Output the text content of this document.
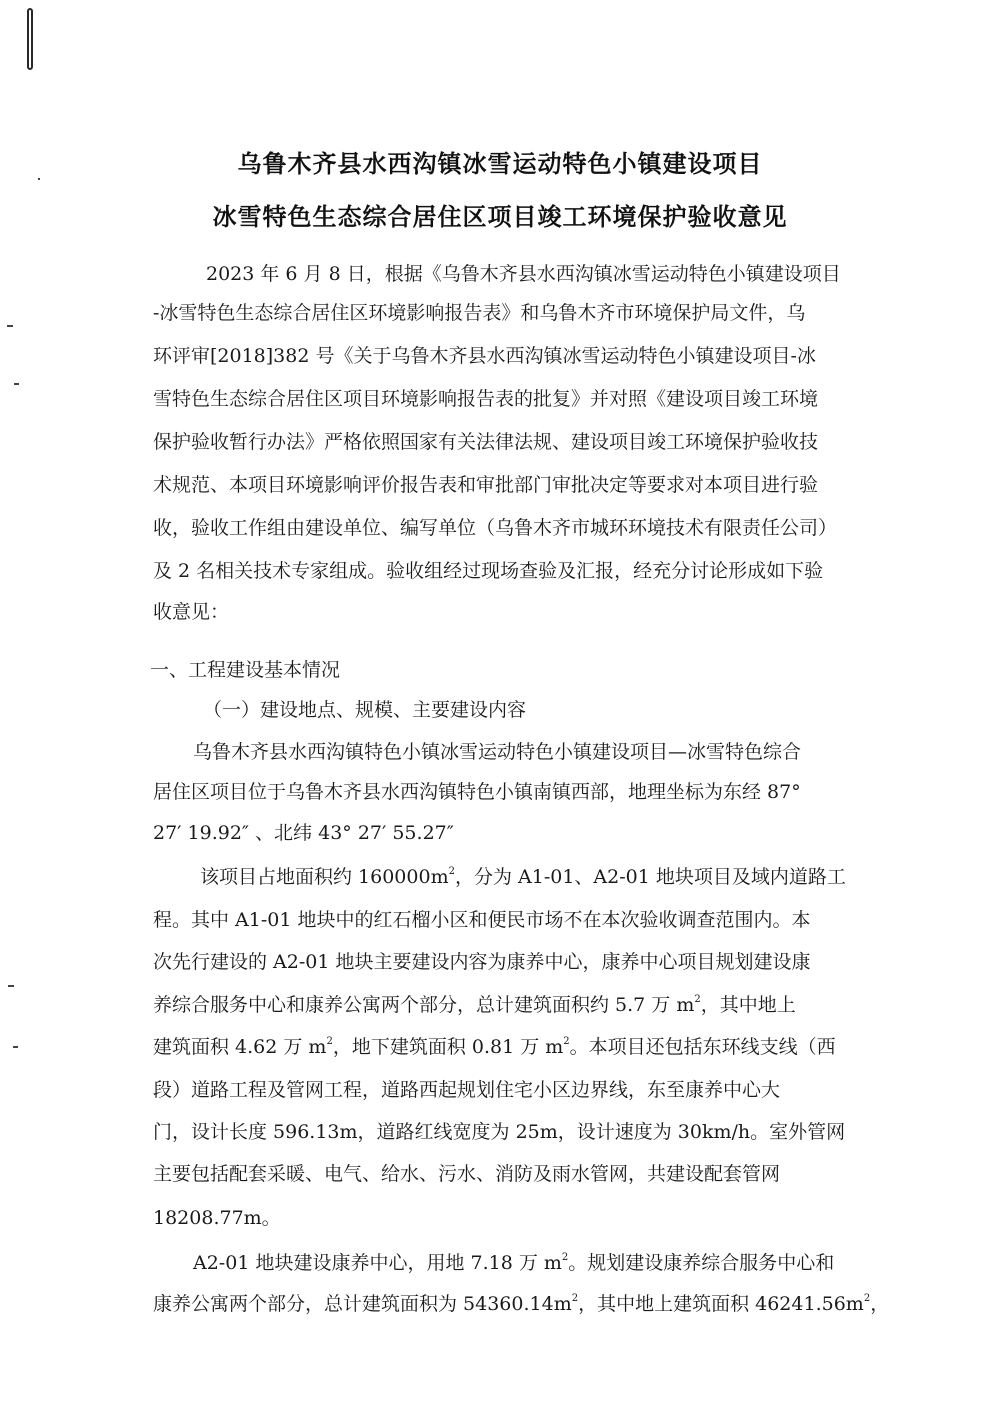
乌鲁木齐县水西沟镇冰雪运动特色小镇建设项目
冰雪特色生态综合居住区项目竣工环境保护验收意见
2023 年 6 月 8 日，根据《乌鲁木齐县水西沟镇冰雪运动特色小镇建设项目
-冰雪特色生态综合居住区环境影响报告表》和乌鲁木齐市环境保护局文件，乌
环评审[2018]382 号《关于乌鲁木齐县水西沟镇冰雪运动特色小镇建设项目-冰
雪特色生态综合居住区项目环境影响报告表的批复》并对照《建设项目竣工环境
保护验收暂行办法》严格依照国家有关法律法规、建设项目竣工环境保护验收技
术规范、本项目环境影响评价报告表和审批部门审批决定等要求对本项目进行验
收，验收工作组由建设单位、编写单位（乌鲁木齐市城环环境技术有限责任公司）
及 2 名相关技术专家组成。验收组经过现场查验及汇报，经充分讨论形成如下验
收意见：
一、工程建设基本情况
（一）建设地点、规模、主要建设内容
乌鲁木齐县水西沟镇特色小镇冰雪运动特色小镇建设项目—冰雪特色综合
居住区项目位于乌鲁木齐县水西沟镇特色小镇南镇西部，地理坐标为东经 87°
27′ 19.92″ 、北纬 43° 27′ 55.27″
该项目占地面积约 $160000m^2$，分为 A1-01、A2-01 地块项目及域内道路工
程。其中 A1-01 地块中的红石榴小区和便民市场不在本次验收调查范围内。本
次先行建设的 A2-01 地块主要建设内容为康养中心，康养中心项目规划建设康
养综合服务中心和康养公寓两个部分，总计建筑面积约 5.7 万 $m^2$，其中地上
建筑面积 4.62 万 $m^2$，地下建筑面积 0.81 万 $m^2$。本项目还包括东环线支线（西
段）道路工程及管网工程，道路西起规划住宅小区边界线，东至康养中心大
门，设计长度 596.13m，道路红线宽度为 25m，设计速度为 30km/h。室外管网
主要包括配套采暖、电气、给水、污水、消防及雨水管网，共建设配套管网
18208.77m。
A2-01 地块建设康养中心，用地 7.18 万 $m^2$。规划建设康养综合服务中心和
康养公寓两个部分，总计建筑面积为 $54360.14m^2$，其中地上建筑面积 $46241.56m^2$，
